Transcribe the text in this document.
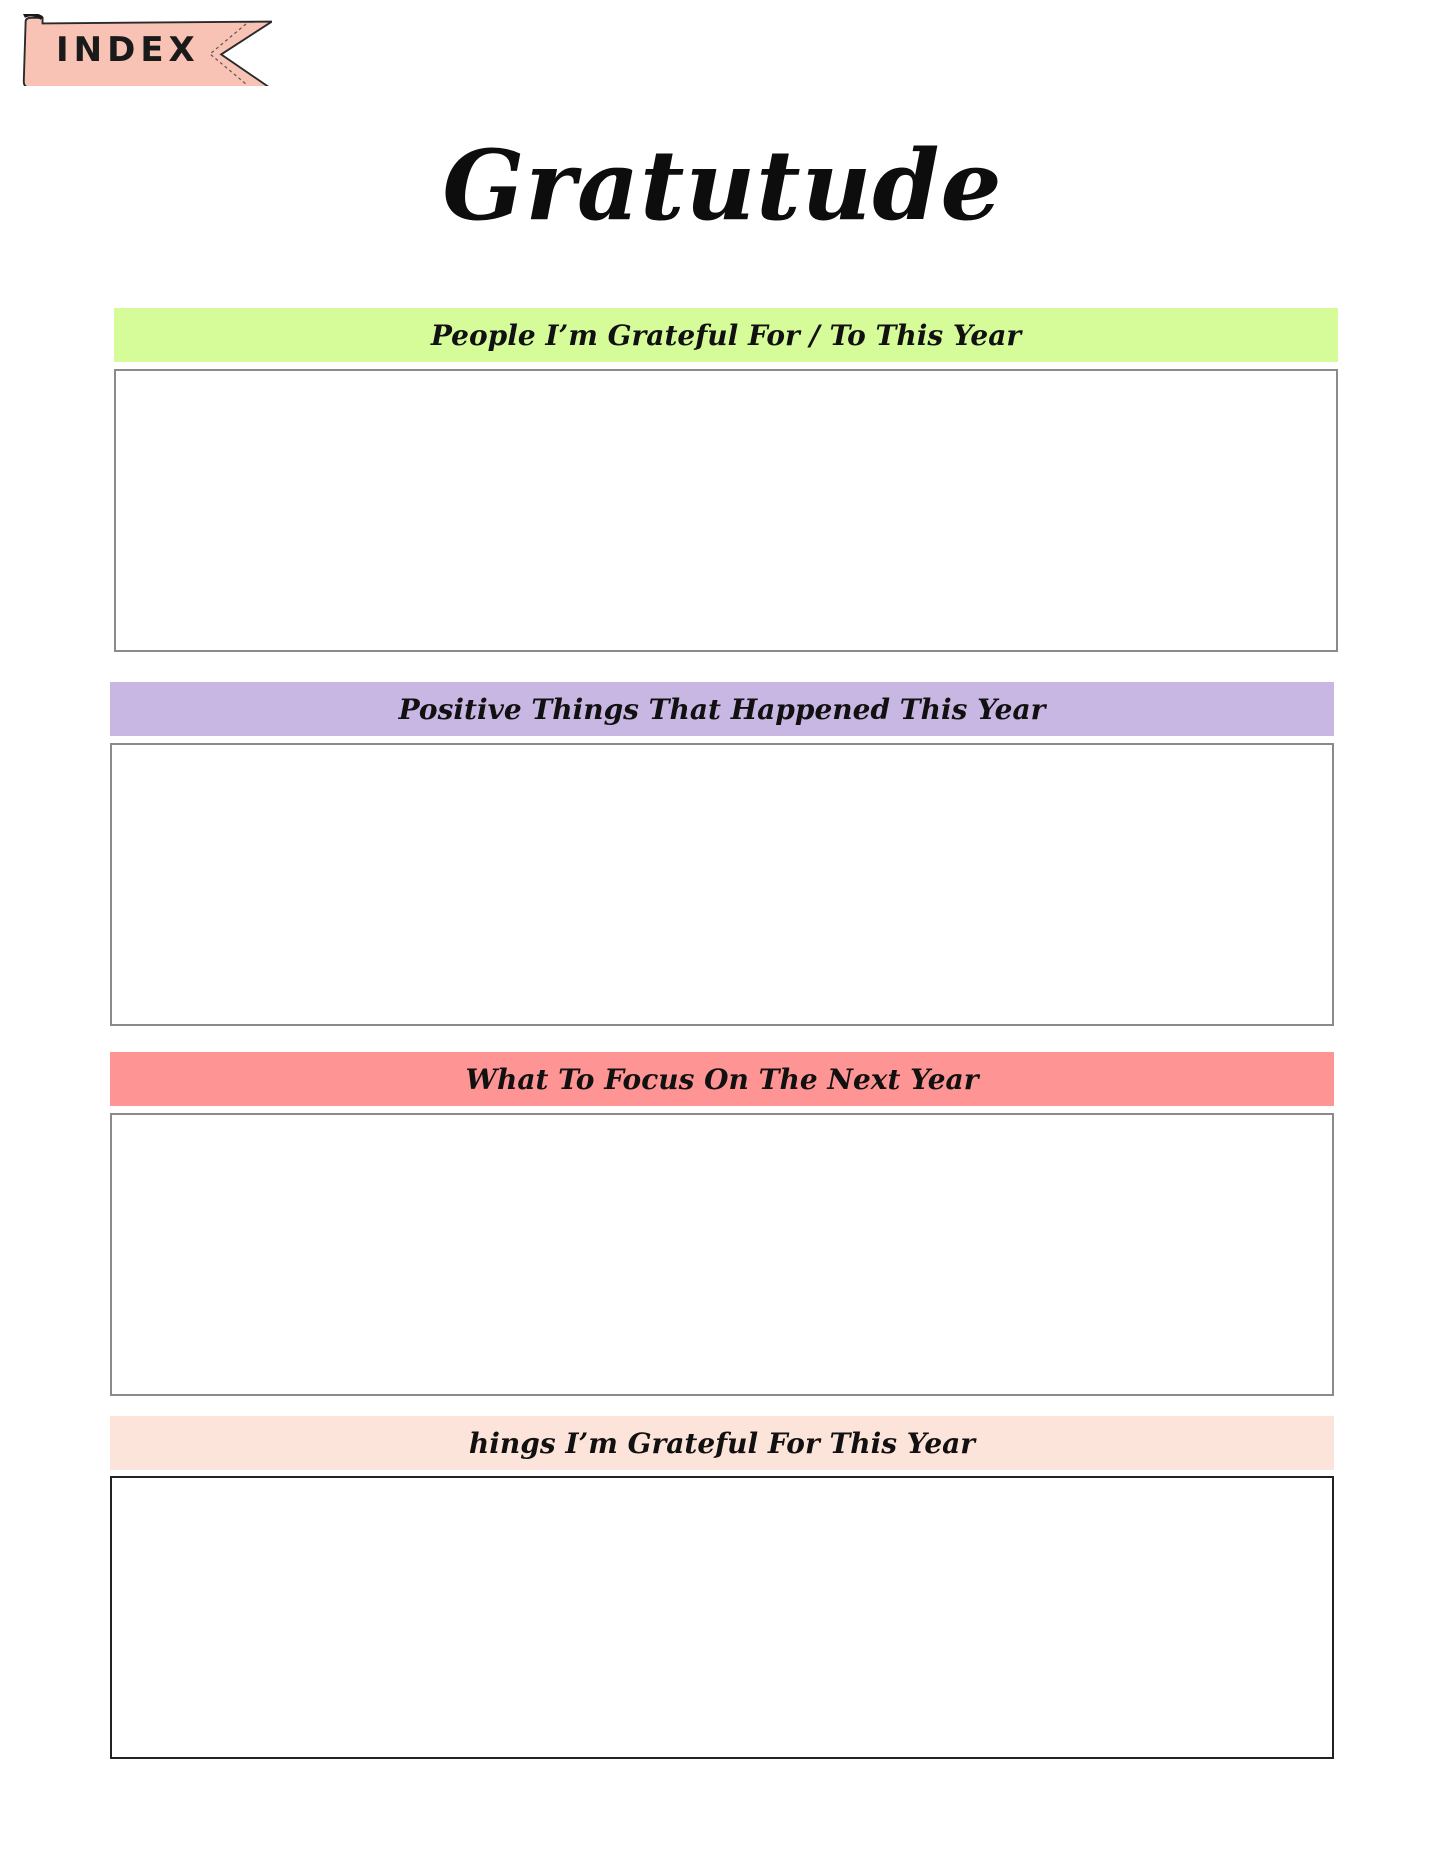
INDEX
Gratutude
People I’m Grateful For / To This Year
Positive Things That Happened This Year
What To Focus On The Next Year
hings I’m Grateful For This Year
